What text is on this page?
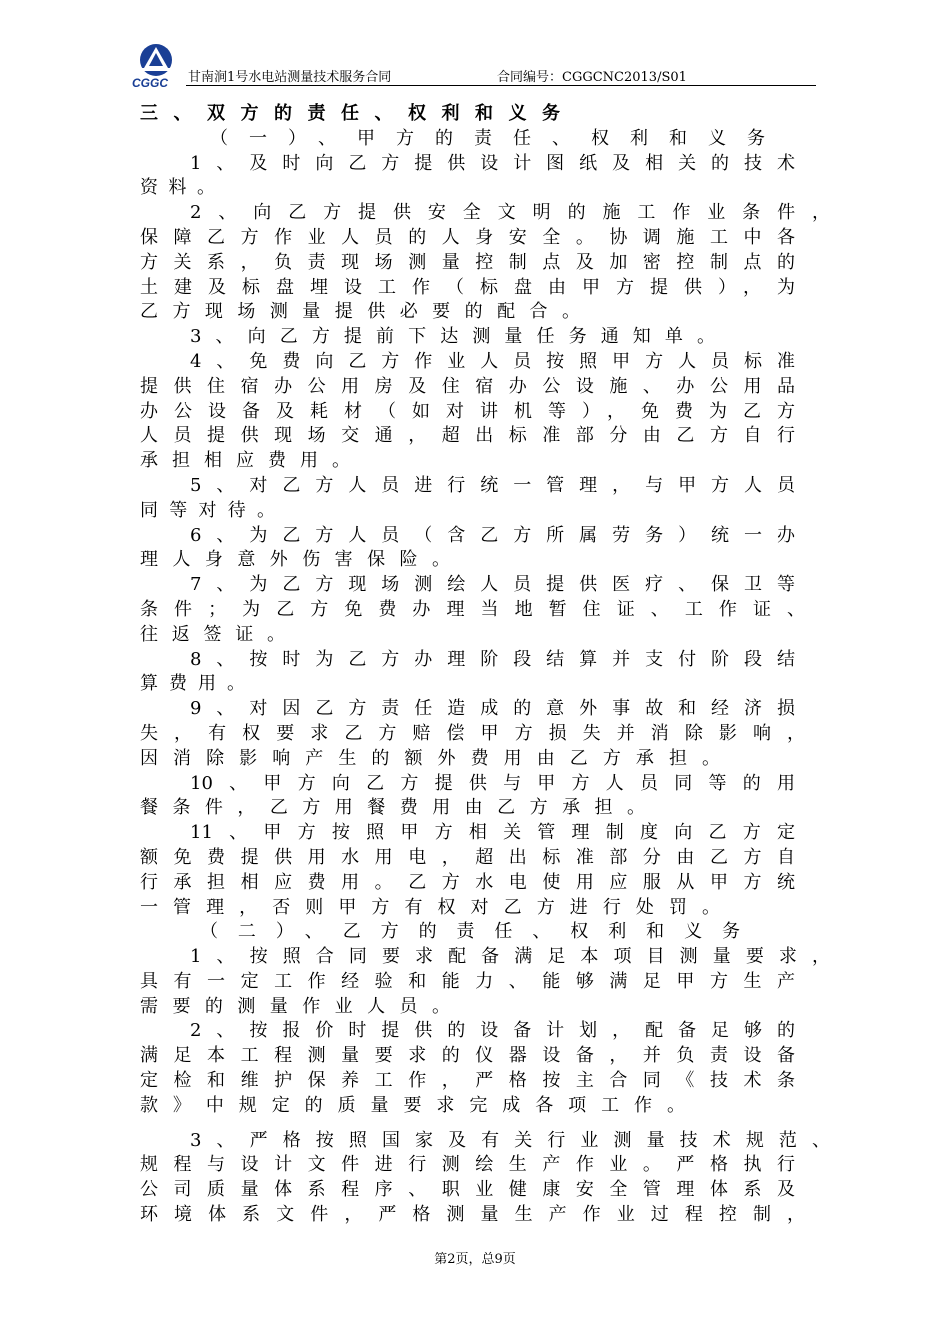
CGGC 甘南涧1号水电站测量技术服务合同	合同编号：CGGCNC2013/S01
三、双方的责任、权利和义务
（一）、甲方的责任、权利和义务
1、及时向乙方提供设计图纸及相关的技术
资料。
2、向乙方提供安全文明的施工作业条件，
保障乙方作业人员的人身安全。协调施工中各
方关系，负责现场测量控制点及加密控制点的
土建及标盘埋设工作（标盘由甲方提供），为
乙方现场测量提供必要的配合。
3、向乙方提前下达测量任务通知单。
4、免费向乙方作业人员按照甲方人员标准
提供住宿办公用房及住宿办公设施、办公用品
办公设备及耗材（如对讲机等），免费为乙方
人员提供现场交通，超出标准部分由乙方自行
承担相应费用。
5、对乙方人员进行统一管理，与甲方人员
同等对待。
6、为乙方人员（含乙方所属劳务）统一办
理人身意外伤害保险。
7、为乙方现场测绘人员提供医疗、保卫等
条件；为乙方免费办理当地暂住证、工作证、
往返签证。
8、按时为乙方办理阶段结算并支付阶段结
算费用。
9、对因乙方责任造成的意外事故和经济损
失，有权要求乙方赔偿甲方损失并消除影响，
因消除影响产生的额外费用由乙方承担。
10、甲方向乙方提供与甲方人员同等的用
餐条件，乙方用餐费用由乙方承担。
11、甲方按照甲方相关管理制度向乙方定
额免费提供用水用电，超出标准部分由乙方自
行承担相应费用。乙方水电使用应服从甲方统
一管理，否则甲方有权对乙方进行处罚。
（二）、乙方的责任、权利和义务
1、按照合同要求配备满足本项目测量要求，
具有一定工作经验和能力、能够满足甲方生产
需要的测量作业人员。
2、按报价时提供的设备计划，配备足够的
满足本工程测量要求的仪器设备，并负责设备
定检和维护保养工作，严格按主合同《技术条
款》中规定的质量要求完成各项工作。
3、严格按照国家及有关行业测量技术规范、
规程与设计文件进行测绘生产作业。严格执行
公司质量体系程序、职业健康安全管理体系及
环境体系文件，严格测量生产作业过程控制，
第2页，总9页
